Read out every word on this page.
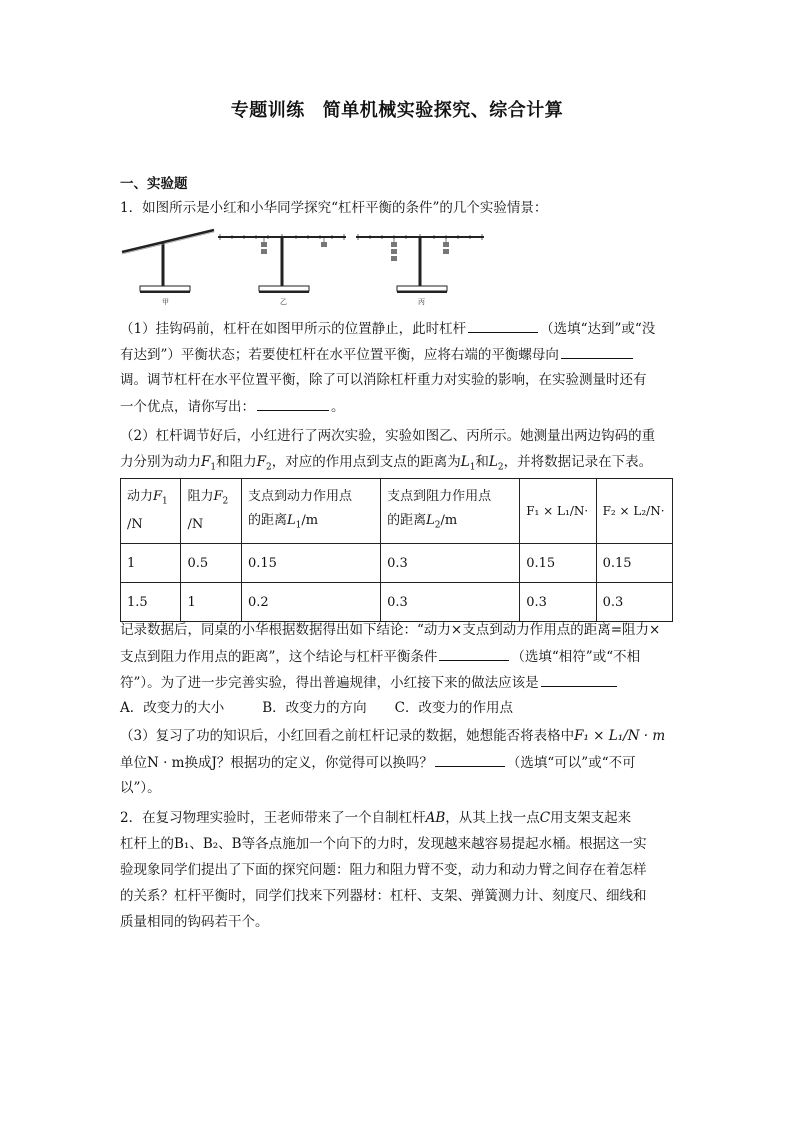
专题训练 简单机械实验探究、综合计算
一、实验题
1．如图所示是小红和小华同学探究“杠杆平衡的条件”的几个实验情景：
甲	乙	丙
（1）挂钩码前，杠杆在如图甲所示的位置静止，此时杠杆	（选填“达到”或“没
有达到”）平衡状态；若要使杠杆在水平位置平衡，应将右端的平衡螺母向
调。调节杠杆在水平位置平衡，除了可以消除杠杆重力对实验的影响，在实验测量时还有
一个优点，请你写出：	。
（2）杠杆调节好后，小红进行了两次实验，实验如图乙、丙所示。她测量出两边钩码的重
力分别为动力$F_1$和阻力$F_2$，对应的作用点到支点的距离为$L_1$和$L_2$，并将数据记录在下表。
动力$F_1$
/N	阻力$F_2$
/N	支点到动力作用点
的距离$L_1/m$	支点到阻力作用点
的距离$L_2/m$	F₁ × L₁/N·	F₂ × L₂/N·
1	0.5	0.15	0.3	0.15	0.15
1.5	1	0.2	0.3	0.3	0.3
记录数据后，同桌的小华根据数据得出如下结论：“动力×支点到动力作用点的距离=阻力×
支点到阻力作用点的距离”，这个结论与杠杆平衡条件	（选填“相符”或“不相
符”）。为了进一步完善实验，得出普遍规律，小红接下来的做法应该是
A．改变力的大小	B．改变力的方向 C．改变力的作用点
（3）复习了功的知识后，小红回看之前杠杆记录的数据，她想能否将表格中F₁ × L₁/N · m
单位N · m换成J？根据功的定义，你觉得可以换吗？	（选填“可以”或“不可
以”）。
2．在复习物理实验时，王老师带来了一个自制杠杆AB，从其上找一点C用支架支起来
杠杆上的B₁、B₂、B等各点施加一个向下的力时，发现越来越容易提起水桶。根据这一实
验现象同学们提出了下面的探究问题：阻力和阻力臂不变，动力和动力臂之间存在着怎样
的关系？杠杆平衡时，同学们找来下列器材：杠杆、支架、弹簧测力计、刻度尺、细线和
质量相同的钩码若干个。
